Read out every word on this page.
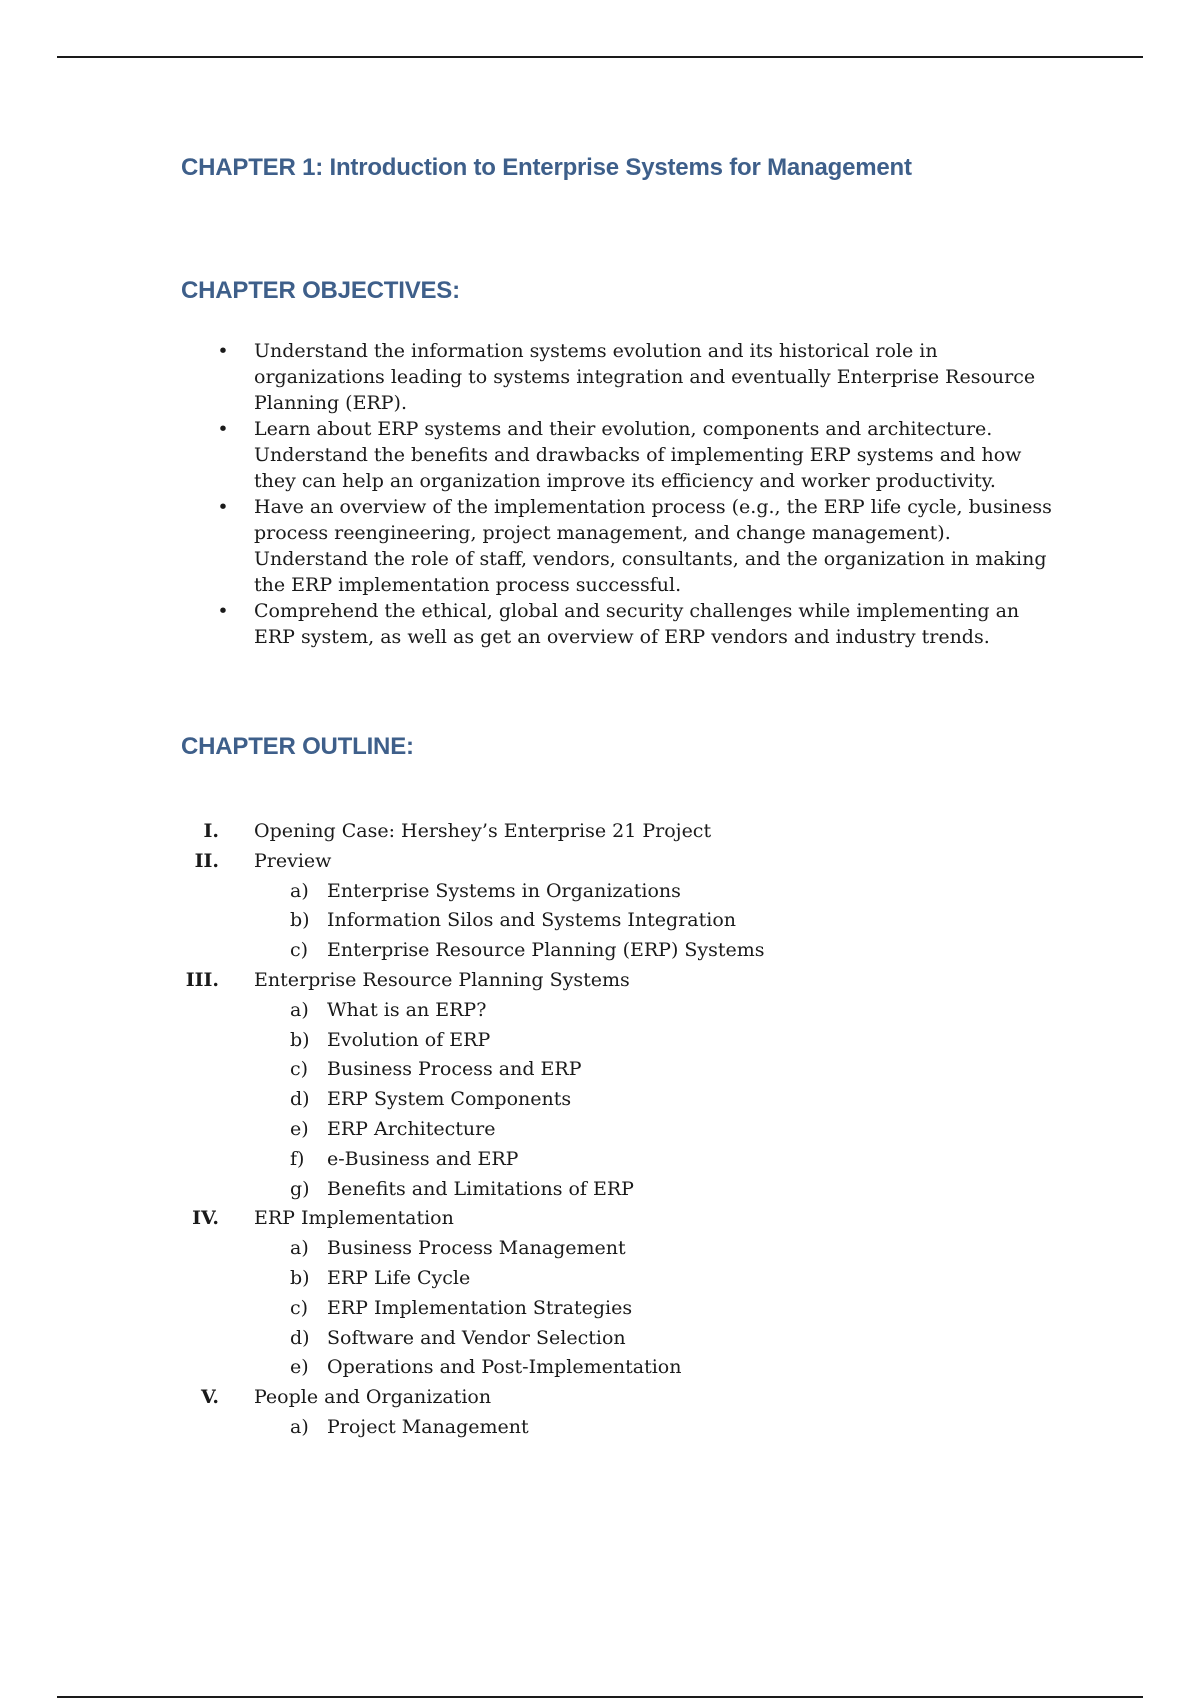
CHAPTER 1: Introduction to Enterprise Systems for Management
CHAPTER OBJECTIVES:
• Understand the information systems evolution and its historical role in organizations leading to systems integration and eventually Enterprise Resource Planning (ERP).
• Learn about ERP systems and their evolution, components and architecture. Understand the benefits and drawbacks of implementing ERP systems and how they can help an organization improve its efficiency and worker productivity.
• Have an overview of the implementation process (e.g., the ERP life cycle, business process reengineering, project management, and change management). Understand the role of staff, vendors, consultants, and the organization in making the ERP implementation process successful.
• Comprehend the ethical, global and security challenges while implementing an ERP system, as well as get an overview of ERP vendors and industry trends.
CHAPTER OUTLINE:
I.	Opening Case: Hershey’s Enterprise 21 Project
II.	Preview
a) Enterprise Systems in Organizations
b) Information Silos and Systems Integration
c) Enterprise Resource Planning (ERP) Systems
III.	Enterprise Resource Planning Systems
a) What is an ERP?
b) Evolution of ERP
c) Business Process and ERP
d) ERP System Components
e) ERP Architecture
f)	e-Business and ERP
g) Benefits and Limitations of ERP
IV.	ERP Implementation
a) Business Process Management
b) ERP Life Cycle
c) ERP Implementation Strategies
d) Software and Vendor Selection
e) Operations and Post-Implementation
V.	People and Organization
a) Project Management
